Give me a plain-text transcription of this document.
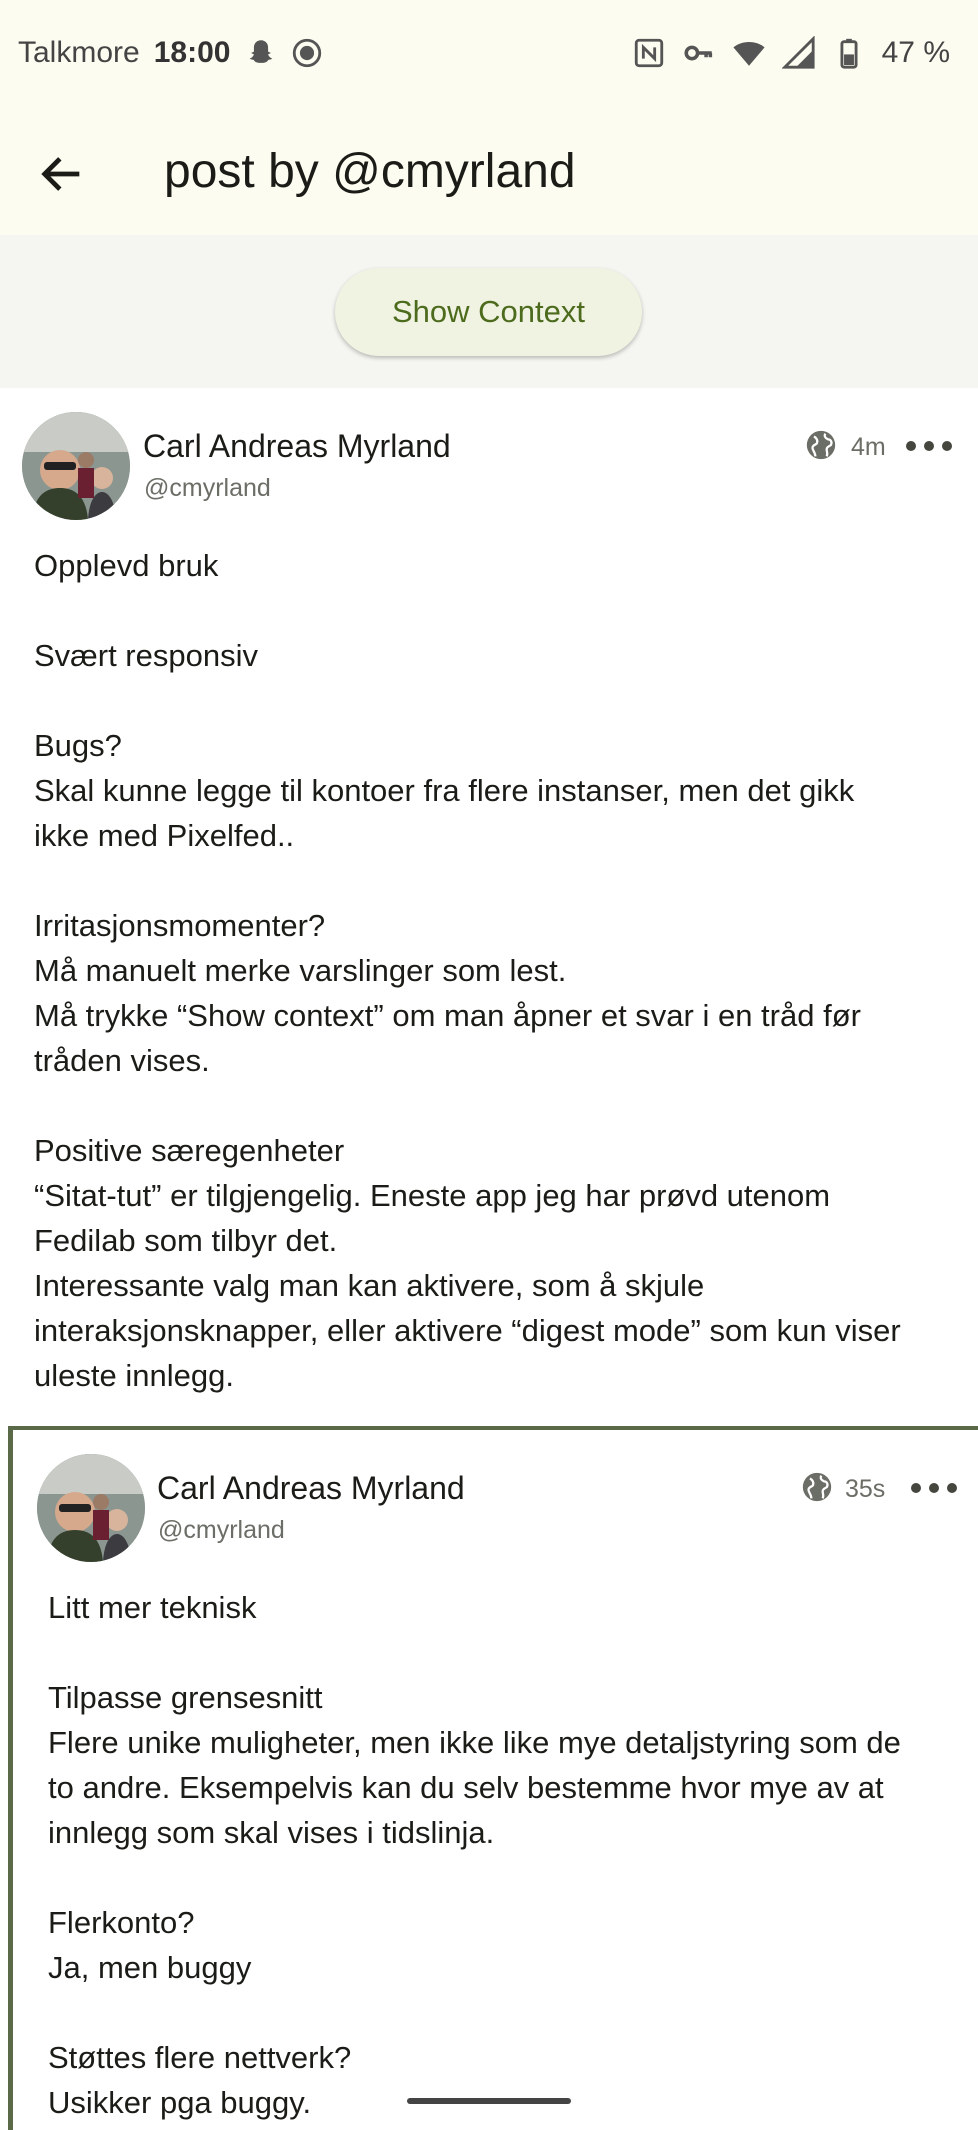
Talkmore 18:00	47 %
post by @cmyrland
Show Context
Carl Andreas Myrland
@cmyrland
4m
Opplevd bruk

Svært responsiv

Bugs?
Skal kunne legge til kontoer fra flere instanser, men det gikk
ikke med Pixelfed..

Irritasjonsmomenter?
Må manuelt merke varslinger som lest.
Må trykke “Show context” om man åpner et svar i en tråd før
tråden vises.

Positive særegenheter
“Sitat-tut” er tilgjengelig. Eneste app jeg har prøvd utenom
Fedilab som tilbyr det.
Interessante valg man kan aktivere, som å skjule
interaksjonsknapper, eller aktivere “digest mode” som kun viser
uleste innlegg.
Carl Andreas Myrland
@cmyrland
35s
Litt mer teknisk

Tilpasse grensesnitt
Flere unike muligheter, men ikke like mye detaljstyring som de
to andre. Eksempelvis kan du selv bestemme hvor mye av at
innlegg som skal vises i tidslinja.

Flerkonto?
Ja, men buggy

Støttes flere nettverk?
Usikker pga buggy.
